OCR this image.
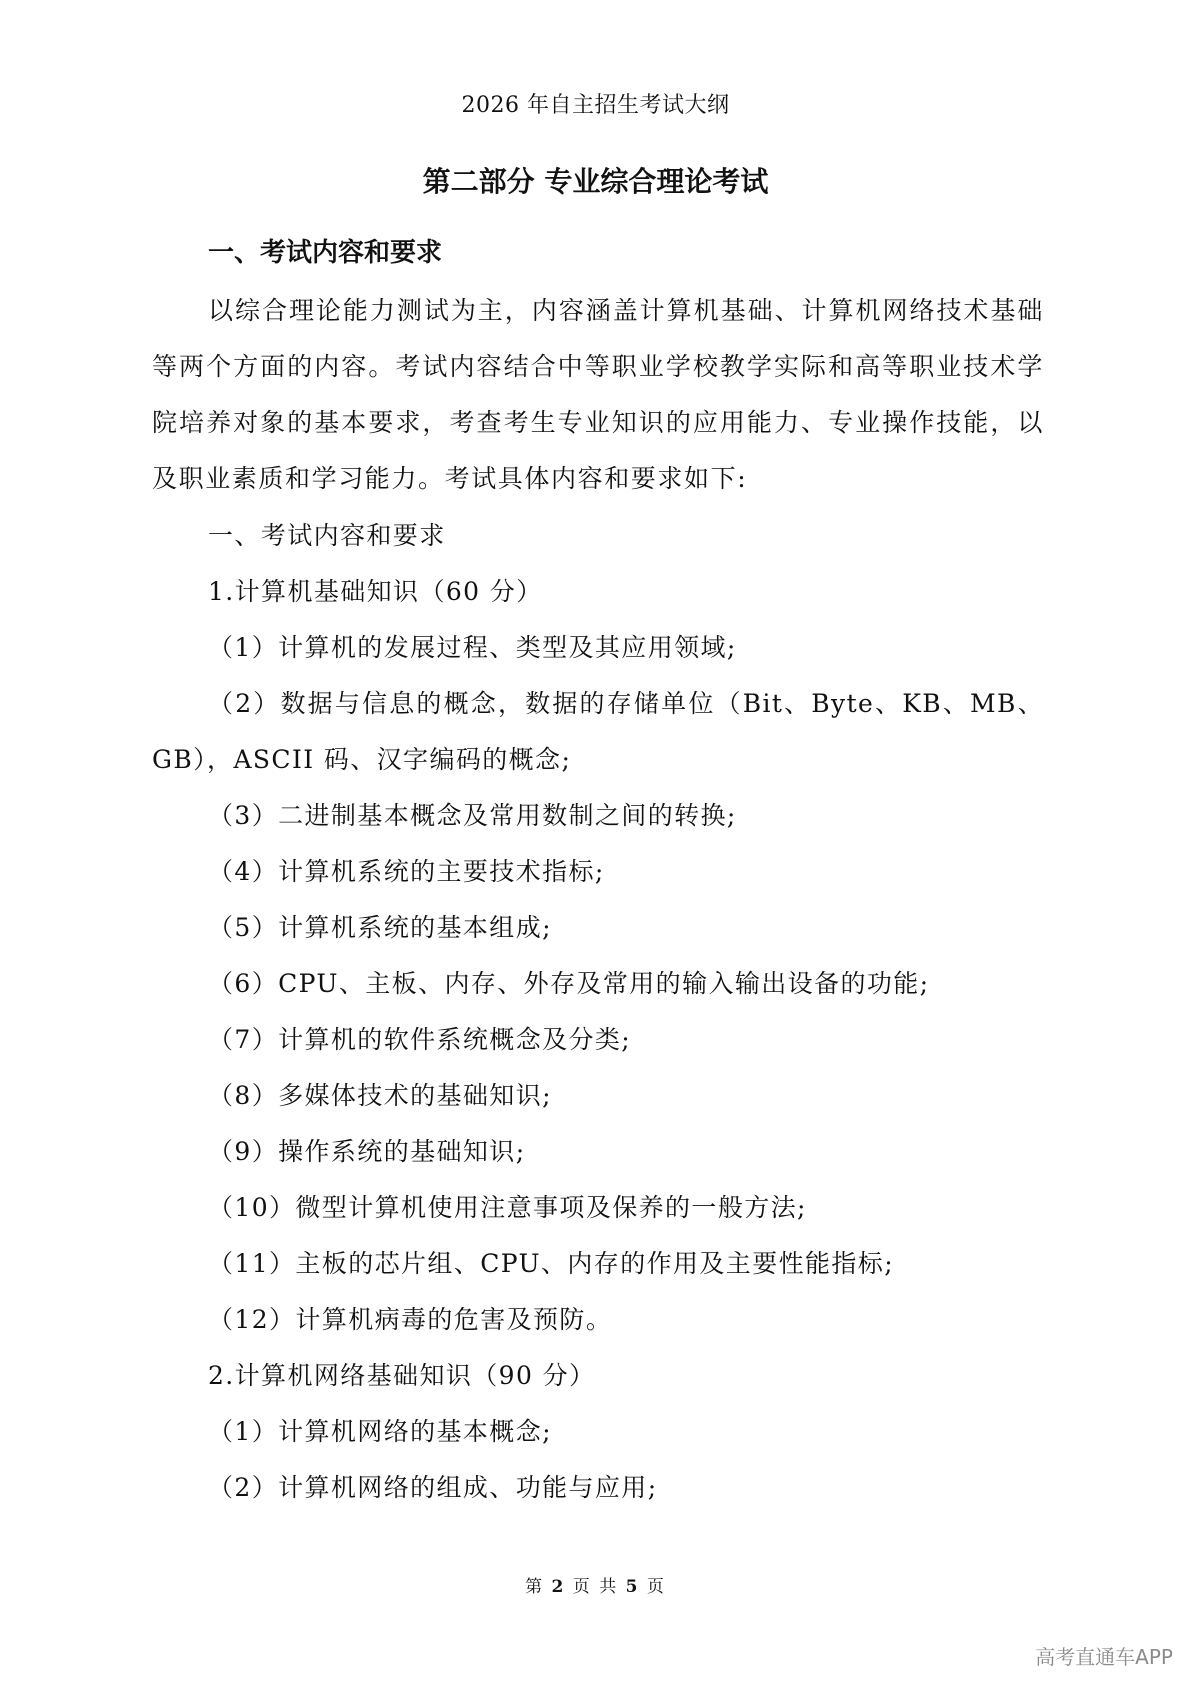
2026 年自主招生考试大纲
第二部分 专业综合理论考试
一、考试内容和要求

以综合理论能力测试为主，内容涵盖计算机基础、计算机网络技术基础等两个方面的内容。考试内容结合中等职业学校教学实际和高等职业技术学院培养对象的基本要求，考查考生专业知识的应用能力、专业操作技能，以及职业素质和学习能力。考试具体内容和要求如下:

一、考试内容和要求
1.计算机基础知识（60 分）
（1）计算机的发展过程、类型及其应用领域;
（2）数据与信息的概念，数据的存储单位（Bit、Byte、KB、MB、GB），ASCII 码、汉字编码的概念;
（3）二进制基本概念及常用数制之间的转换;
（4）计算机系统的主要技术指标;
（5）计算机系统的基本组成;
（6）CPU、主板、内存、外存及常用的输入输出设备的功能;
（7）计算机的软件系统概念及分类;
（8）多媒体技术的基础知识;
（9）操作系统的基础知识;
（10）微型计算机使用注意事项及保养的一般方法;
（11）主板的芯片组、CPU、内存的作用及主要性能指标;
（12）计算机病毒的危害及预防。
2.计算机网络基础知识（90 分）
（1）计算机网络的基本概念;
（2）计算机网络的组成、功能与应用;
第 2 页 共 5 页
高考直通车APP
